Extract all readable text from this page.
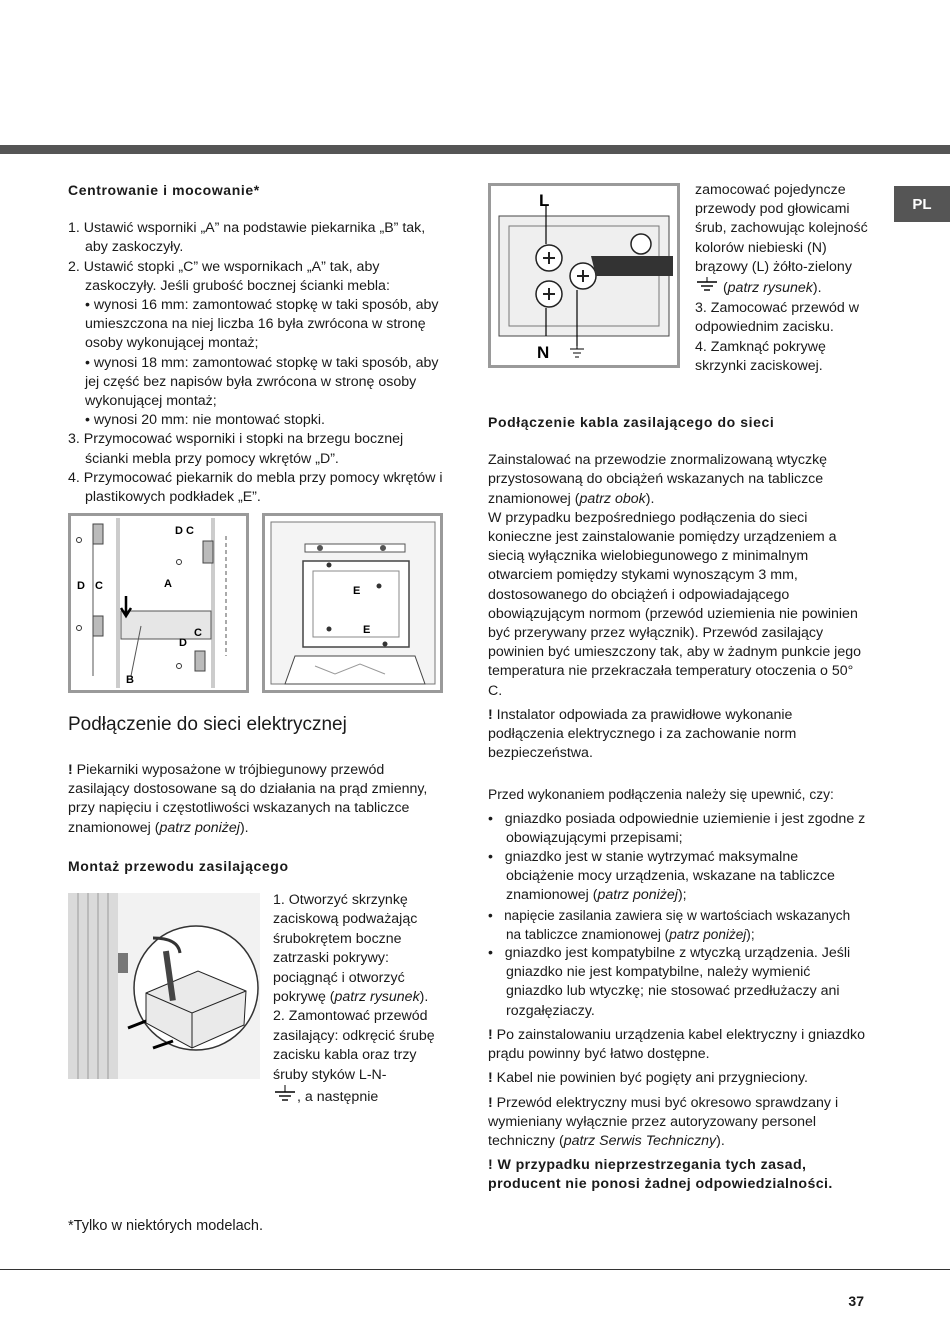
PL

Centrowanie i mocowanie*

1. Ustawić wsporniki „A” na podstawie piekarnika „B” tak, aby zaskoczyły.
2. Ustawić stopki „C” we wspornikach „A” tak, aby zaskoczyły. Jeśli grubość bocznej ścianki mebla:
• wynosi 16 mm: zamontować stopkę w taki sposób, aby umieszczona na niej liczba 16 była zwrócona w stronę osoby wykonującej montaż;
• wynosi 18 mm: zamontować stopkę w taki sposób, aby jej część bez napisów była zwrócona w stronę osoby wykonującej montaż;
• wynosi 20 mm: nie montować stopki.
3. Przymocować wsporniki i stopki na brzegu bocznej ścianki mebla przy pomocy wkrętów „D”.
4. Przymocować piekarnik do mebla przy pomocy wkrętów i plastikowych podkładek „E”.
D C
D C	A
D
C
B
E
E

Podłączenie do sieci elektrycznej

! Piekarniki wyposażone w trójbiegunowy przewód zasilający dostosowane są do działania na prąd zmienny, przy napięciu i częstotliwości wskazanych na tabliczce znamionowej (patrz poniżej).

Montaż przewodu zasilającego

1. Otworzyć skrzynkę zaciskową podważając śrubokrętem boczne zatrzaski pokrywy: pociągnąć i otworzyć pokrywę (patrz rysunek).

2. Zamontować przewód zasilający: odkręcić śrubę zacisku kabla oraz trzy śruby styków L-N-
, a następnie

*Tylko w niektórych modelach.
L
N

zamocować pojedyncze przewody pod głowicami śrub, zachowując kolejność kolorów niebieski (N) brązowy (L) żółto-zielony  (patrz rysunek).

3. Zamocować przewód w odpowiednim zacisku.

4. Zamknąć pokrywę skrzynki zaciskowej.

Podłączenie kabla zasilającego do sieci

Zainstalować na przewodzie znormalizowaną wtyczkę przystosowaną do obciążeń wskazanych na tabliczce znamionowej (patrz obok).

W przypadku bezpośredniego podłączenia do sieci konieczne jest zainstalowanie pomiędzy urządzeniem a siecią wyłącznika wielobiegunowego z minimalnym otwarciem pomiędzy stykami wynoszącym 3 mm, dostosowanego do obciążeń i odpowiadającego obowiązującym normom (przewód uziemienia nie powinien być przerywany przez wyłącznik). Przewód zasilający powinien być umieszczony tak, aby w żadnym punkcie jego temperatura nie przekraczała temperatury otoczenia o 50° C.

! Instalator odpowiada za prawidłowe wykonanie podłączenia elektrycznego i za zachowanie norm bezpieczeństwa.

Przed wykonaniem podłączenia należy się upewnić, czy:

•   gniazdko posiada odpowiednie uziemienie i jest zgodne z obowiązującymi przepisami;
•   gniazdko jest w stanie wytrzymać maksymalne obciążenie mocy urządzenia, wskazane na tabliczce znamionowej (patrz poniżej);
•   napięcie zasilania zawiera się w wartościach wskazanych na tabliczce znamionowej (patrz poniżej);
•   gniazdko jest kompatybilne z wtyczką urządzenia. Jeśli gniazdko nie jest kompatybilne, należy wymienić gniazdko lub wtyczkę; nie stosować przedłużaczy ani rozgałęziaczy.

! Po zainstalowaniu urządzenia kabel elektryczny i gniazdko prądu powinny być łatwo dostępne.

! Kabel nie powinien być pogięty ani przygnieciony.

! Przewód elektryczny musi być okresowo sprawdzany i wymieniany wyłącznie przez autoryzowany personel techniczny (patrz Serwis Techniczny).

! W przypadku nieprzestrzegania tych zasad, producent nie ponosi żadnej odpowiedzialności.

37
